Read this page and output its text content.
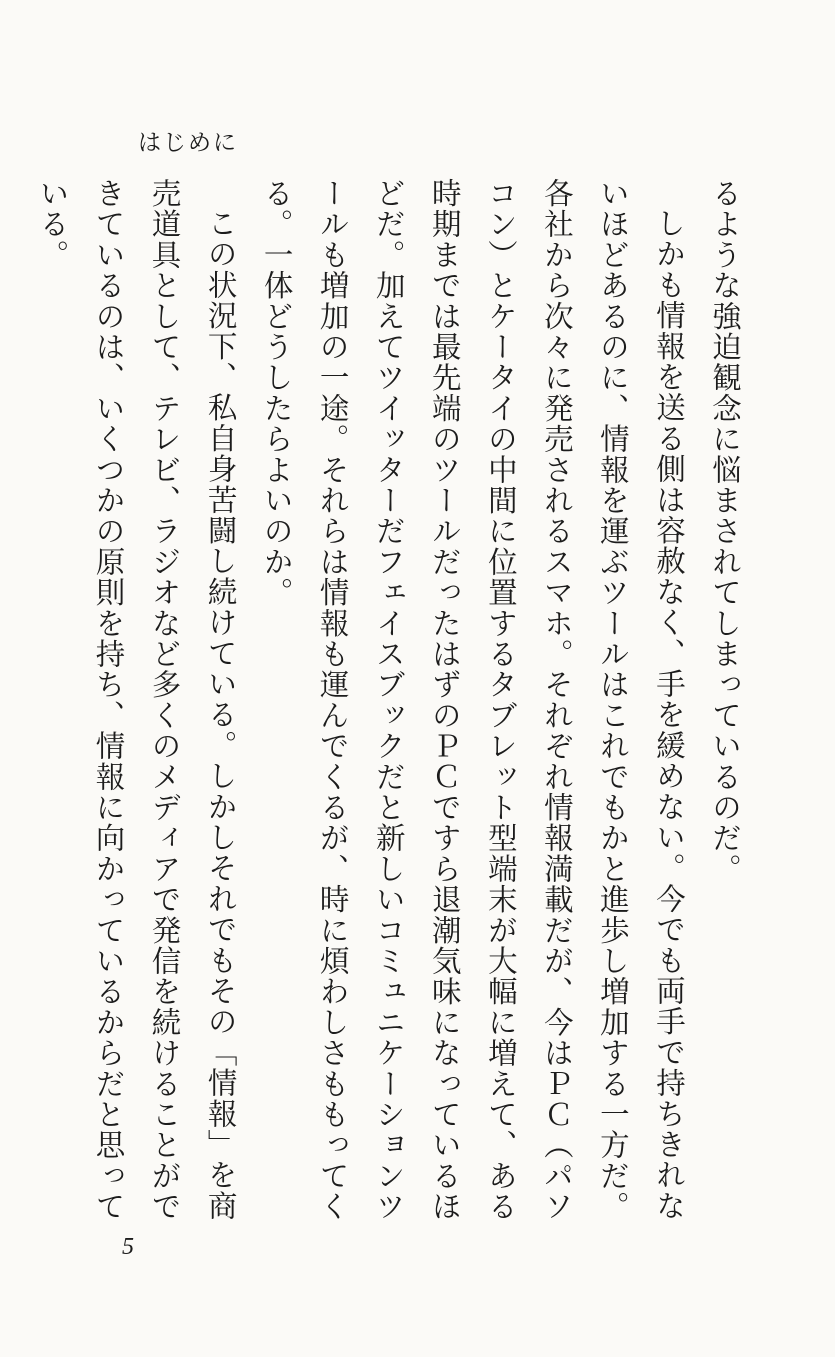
はじめに

るような強迫観念に悩まされてしまっているのだ。

しかも情報を送る側は容赦なく、手を緩めない。今でも両手で持ちきれないほどあるのに、情報を運ぶツールはこれでもかと進歩し増加する一方だ。各社から次々に発売されるスマホ。それぞれ情報満載だが、今はＰＣ（パソコン）とケータイの中間に位置するタブレット型端末が大幅に増えて、ある時期までは最先端のツールだったはずのＰＣですら退潮気味になっているほどだ。加えてツイッターだフェイスブックだと新しいコミュニケーションツールも増加の一途。それらは情報も運んでくるが、時に煩わしさももってくる。一体どうしたらよいのか。

この状況下、私自身苦闘し続けている。しかしそれでもその「情報」を商売道具として、テレビ、ラジオなど多くのメディアで発信を続けることができているのは、いくつかの原則を持ち、情報に向かっているからだと思っている。

5
